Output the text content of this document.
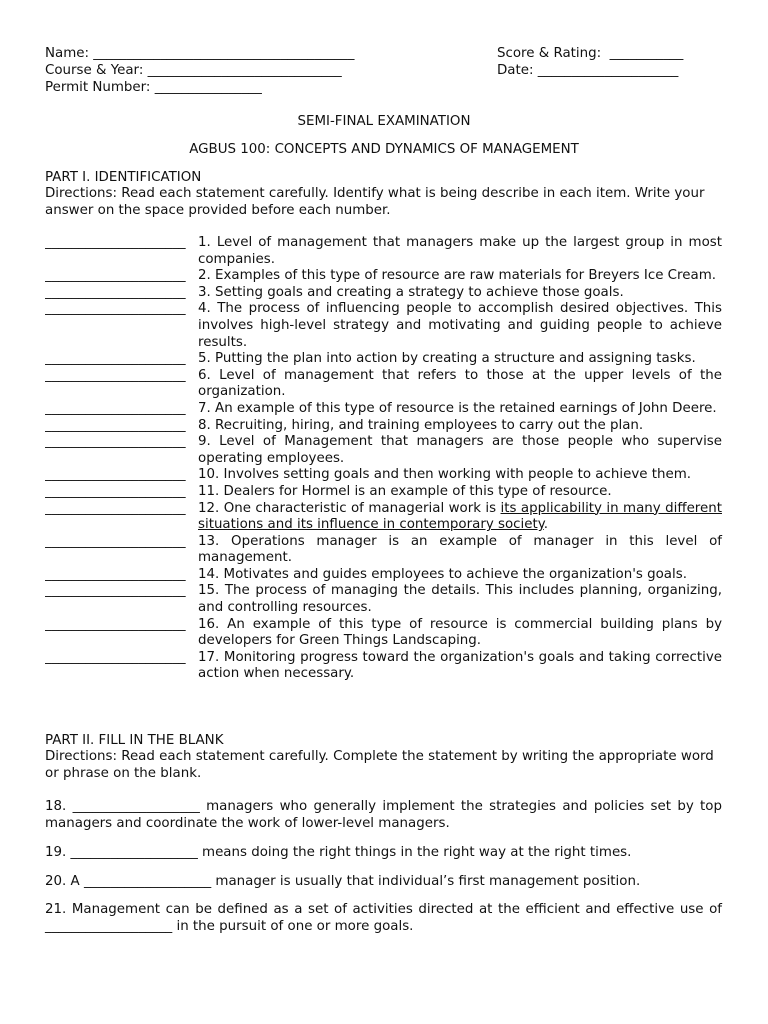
Name: _______________________________________
Course & Year: _____________________________
Permit Number: ________________
Score & Rating:  ___________
Date: _____________________
SEMI-FINAL EXAMINATION
AGBUS 100: CONCEPTS AND DYNAMICS OF MANAGEMENT
PART I. IDENTIFICATION
Directions: Read each statement carefully. Identify what is being describe in each item. Write your answer on the space provided before each number.
_____________________ 1. Level of management that managers make up the largest group in most companies.
_____________________ 2. Examples of this type of resource are raw materials for Breyers Ice Cream.
_____________________ 3. Setting goals and creating a strategy to achieve those goals.
_____________________ 4. The process of influencing people to accomplish desired objectives. This involves high-level strategy and motivating and guiding people to achieve results.
_____________________ 5. Putting the plan into action by creating a structure and assigning tasks.
_____________________ 6. Level of management that refers to those at the upper levels of the organization.
_____________________ 7. An example of this type of resource is the retained earnings of John Deere.
_____________________ 8. Recruiting, hiring, and training employees to carry out the plan.
_____________________ 9. Level of Management that managers are those people who supervise operating employees.
_____________________ 10. Involves setting goals and then working with people to achieve them.
_____________________ 11. Dealers for Hormel is an example of this type of resource.
_____________________ 12. One characteristic of managerial work is its applicability in many different situations and its influence in contemporary society.
_____________________ 13. Operations manager is an example of manager in this level of management.
_____________________ 14. Motivates and guides employees to achieve the organization's goals.
_____________________ 15. The process of managing the details. This includes planning, organizing, and controlling resources.
_____________________ 16. An example of this type of resource is commercial building plans by developers for Green Things Landscaping.
_____________________ 17. Monitoring progress toward the organization's goals and taking corrective action when necessary.
PART II. FILL IN THE BLANK
Directions: Read each statement carefully. Complete the statement by writing the appropriate word or phrase on the blank.
18. ___________________ managers who generally implement the strategies and policies set by top managers and coordinate the work of lower-level managers.
19. ___________________ means doing the right things in the right way at the right times.
20. A ___________________ manager is usually that individual’s first management position.
21. Management can be defined as a set of activities directed at the efficient and effective use of ___________________ in the pursuit of one or more goals.
